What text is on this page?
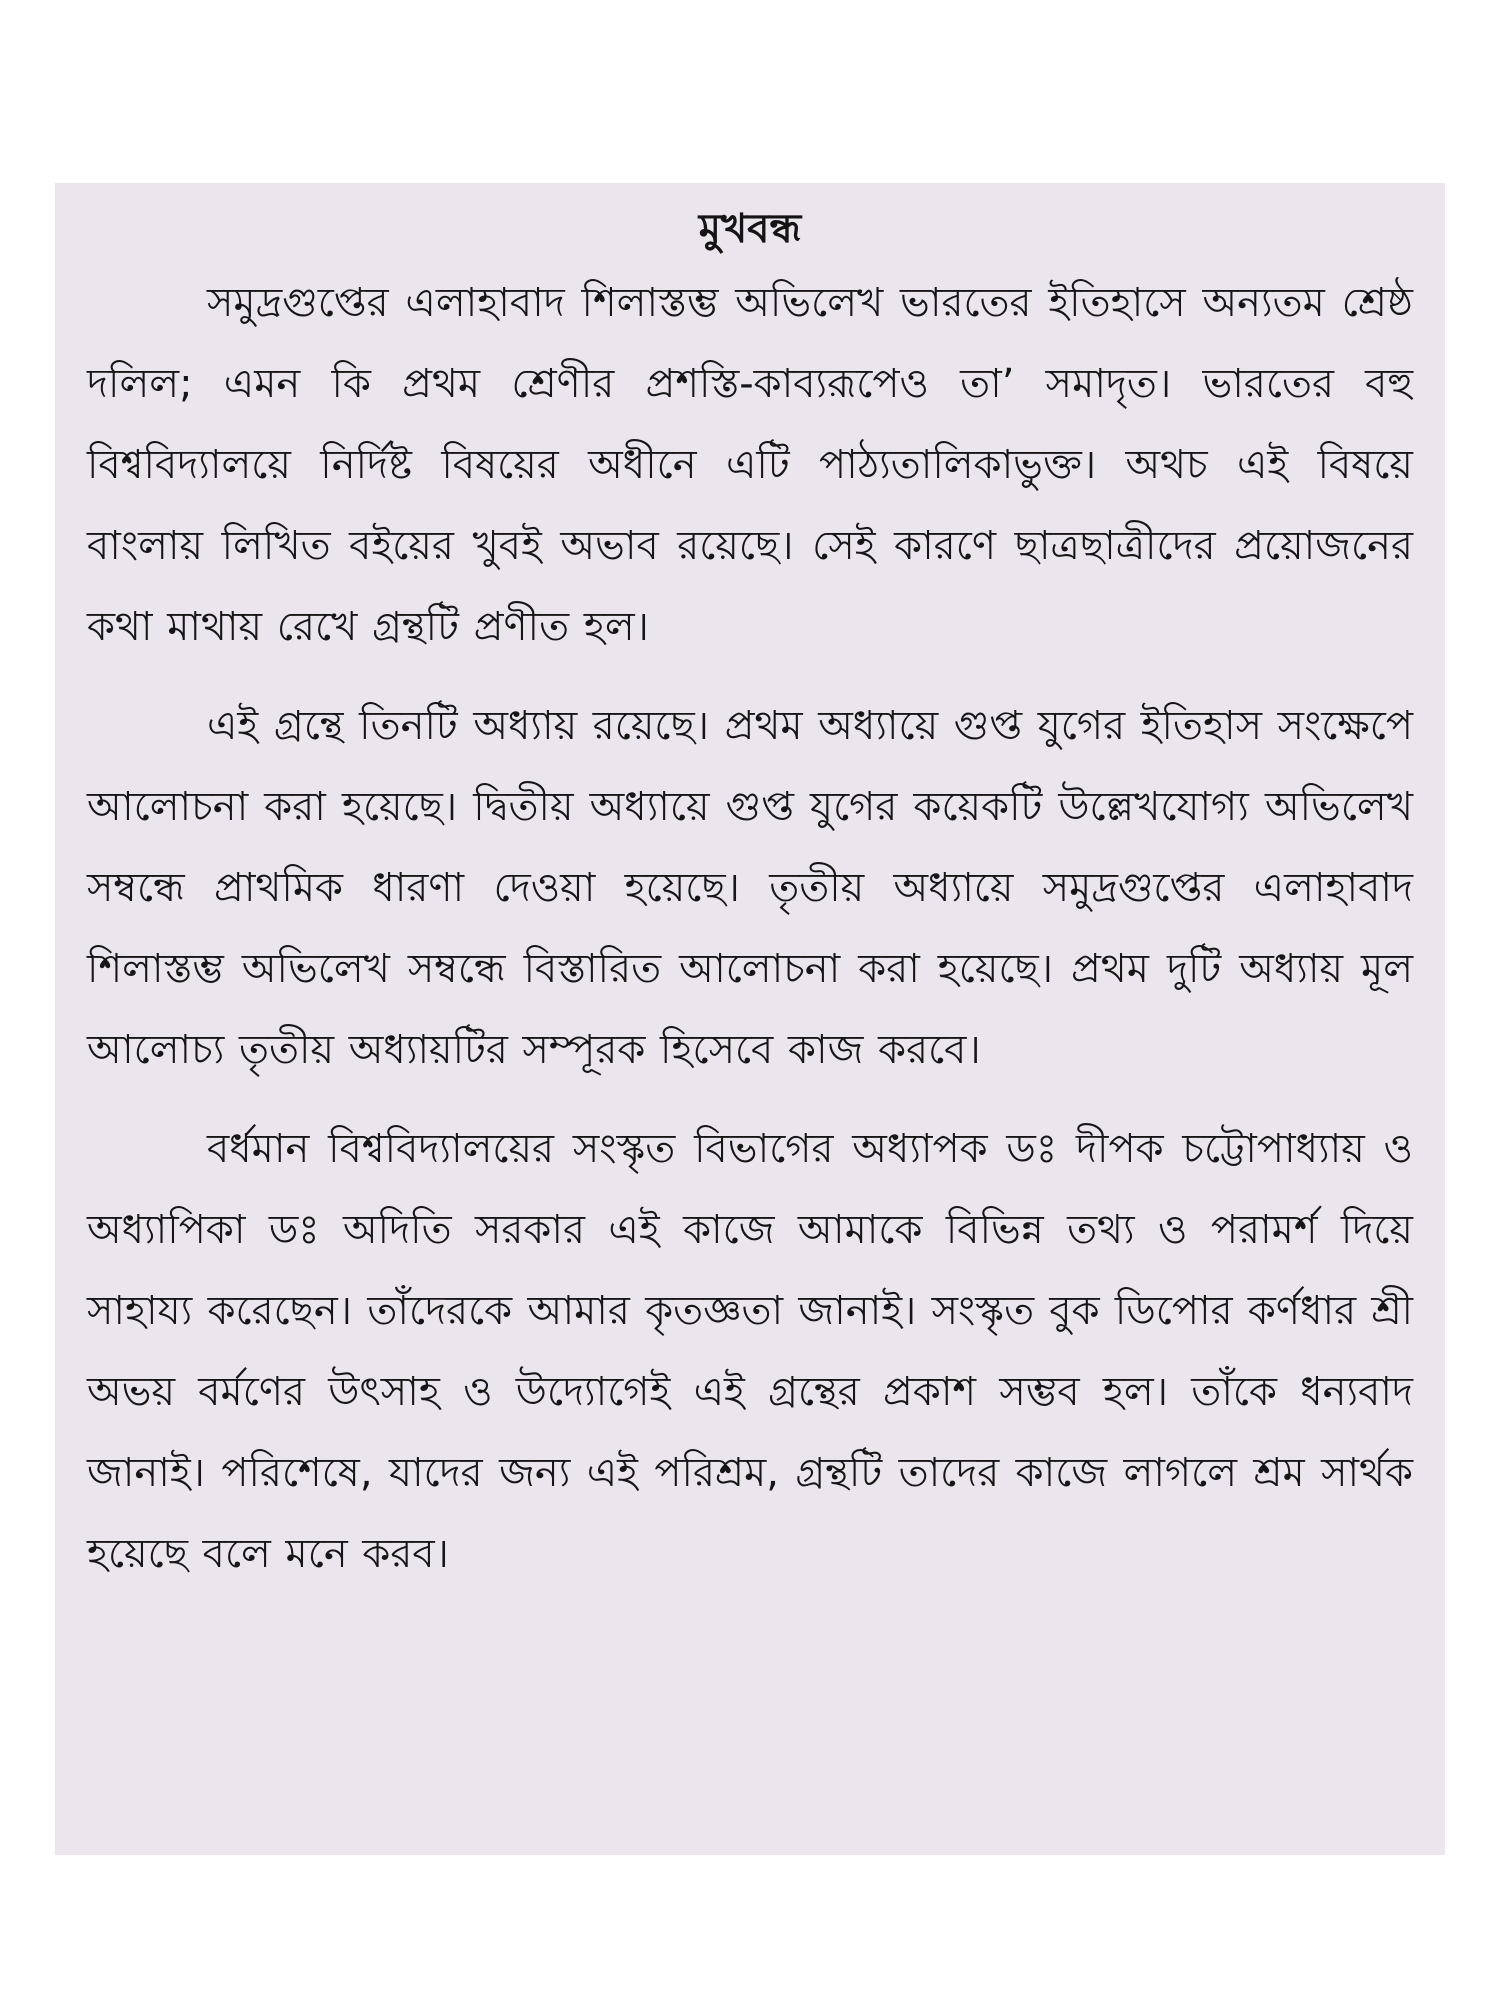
মুখবন্ধ

সমুদ্রগুপ্তের এলাহাবাদ শিলাস্তম্ভ অভিলেখ ভারতের ইতিহাসে অন্যতম শ্রেষ্ঠ দলিল; এমন কি প্রথম শ্রেণীর প্রশস্তি-কাব্যরূপেও তা’ সমাদৃত। ভারতের বহু বিশ্ববিদ্যালয়ে নির্দিষ্ট বিষয়ের অধীনে এটি পাঠ্যতালিকাভুক্ত। অথচ এই বিষয়ে বাংলায় লিখিত বইয়ের খুবই অভাব রয়েছে। সেই কারণে ছাত্রছাত্রীদের প্রয়োজনের কথা মাথায় রেখে গ্রন্থটি প্রণীত হল।

এই গ্রন্থে তিনটি অধ্যায় রয়েছে। প্রথম অধ্যায়ে গুপ্ত যুগের ইতিহাস সংক্ষেপে আলোচনা করা হয়েছে। দ্বিতীয় অধ্যায়ে গুপ্ত যুগের কয়েকটি উল্লেখযোগ্য অভিলেখ সম্বন্ধে প্রাথমিক ধারণা দেওয়া হয়েছে। তৃতীয় অধ্যায়ে সমুদ্রগুপ্তের এলাহাবাদ শিলাস্তম্ভ অভিলেখ সম্বন্ধে বিস্তারিত আলোচনা করা হয়েছে। প্রথম দুটি অধ্যায় মূল আলোচ্য তৃতীয় অধ্যায়টির সম্পূরক হিসেবে কাজ করবে।

বর্ধমান বিশ্ববিদ্যালয়ের সংস্কৃত বিভাগের অধ্যাপক ডঃ দীপক চট্টোপাধ্যায় ও অধ্যাপিকা ডঃ অদিতি সরকার এই কাজে আমাকে বিভিন্ন তথ্য ও পরামর্শ দিয়ে সাহায্য করেছেন। তাঁদেরকে আমার কৃতজ্ঞতা জানাই। সংস্কৃত বুক ডিপোর কর্ণধার শ্রী অভয় বর্মণের উৎসাহ ও উদ্যোগেই এই গ্রন্থের প্রকাশ সম্ভব হল। তাঁকে ধন্যবাদ জানাই। পরিশেষে, যাদের জন্য এই পরিশ্রম, গ্রন্থটি তাদের কাজে লাগলে শ্রম সার্থক হয়েছে বলে মনে করব।
